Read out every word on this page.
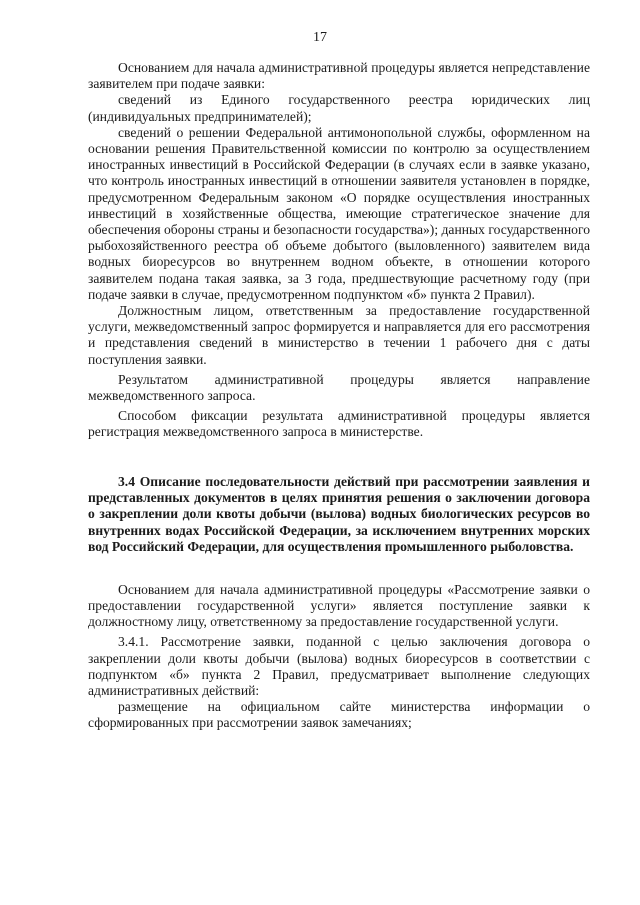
17

Основанием для начала административной процедуры является непредставление заявителем при подаче заявки:

сведений из Единого государственного реестра юридических лиц (индивидуальных предпринимателей);

сведений о решении Федеральной антимонопольной службы, оформленном на основании решения Правительственной комиссии по контролю за осуществлением иностранных инвестиций в Российской Федерации (в случаях если в заявке указано, что контроль иностранных инвестиций в отношении заявителя установлен в порядке, предусмотренном Федеральным законом «О порядке осуществления иностранных инвестиций в хозяйственные общества, имеющие стратегическое значение для обеспечения обороны страны и безопасности государства»); данных государственного рыбохозяйственного реестра об объеме добытого (выловленного) заявителем вида водных биоресурсов во внутреннем водном объекте, в отношении которого заявителем подана такая заявка, за 3 года, предшествующие расчетному году (при подаче заявки в случае, предусмотренном подпунктом «б» пункта 2 Правил).

Должностным лицом, ответственным за предоставление государственной услуги, межведомственный запрос формируется и направляется для его рассмотрения и представления сведений в министерство в течении 1 рабочего дня с даты поступления заявки.

Результатом административной процедуры является направление межведомственного запроса.

Способом фиксации результата административной процедуры является регистрация межведомственного запроса в министерстве.

3.4 Описание последовательности действий при рассмотрении заявления и представленных документов в целях принятия решения о заключении договора о закреплении доли квоты добычи (вылова) водных биологических ресурсов во внутренних водах Российской Федерации, за исключением внутренних морских вод Российский Федерации, для осуществления промышленного рыболовства.

Основанием для начала административной процедуры «Рассмотрение заявки о предоставлении государственной услуги» является поступление заявки к должностному лицу, ответственному за предоставление государственной услуги.

3.4.1. Рассмотрение заявки, поданной с целью заключения договора о закреплении доли квоты добычи (вылова) водных биоресурсов в соответствии с подпунктом «б» пункта 2 Правил, предусматривает выполнение следующих административных действий:

размещение на официальном сайте министерства информации о сформированных при рассмотрении заявок замечаниях;
